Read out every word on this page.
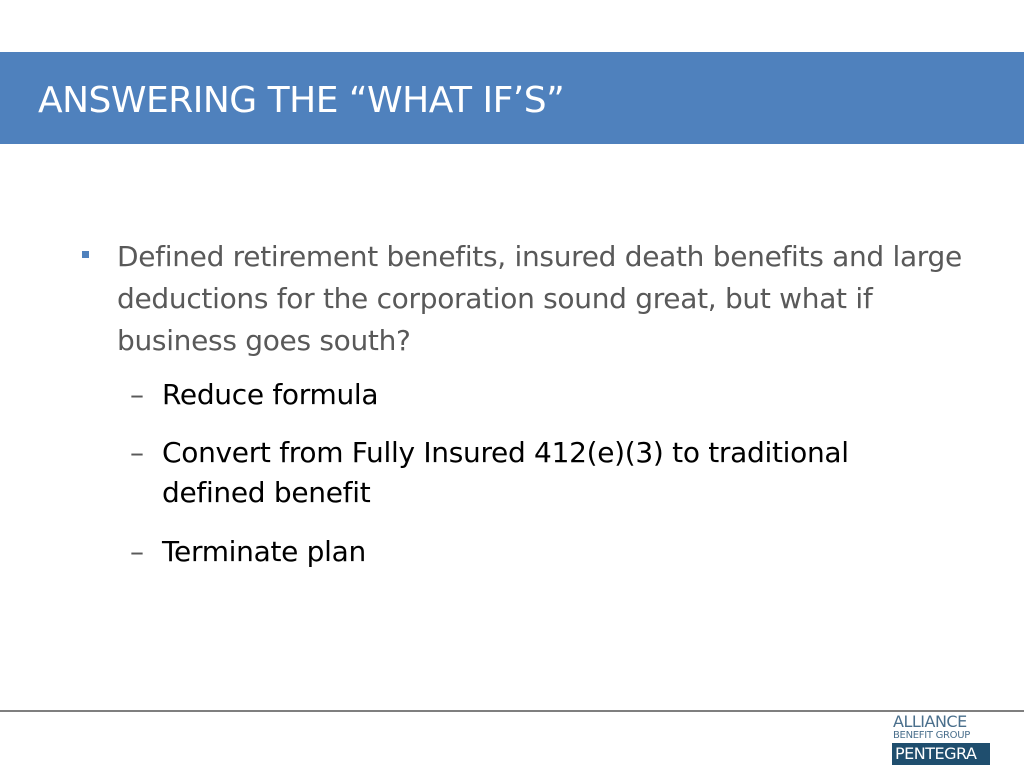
ANSWERING THE “WHAT IF’S”
Defined retirement benefits, insured death benefits and large deductions for the corporation sound great, but what if business goes south?
– Reduce formula
– Convert from Fully Insured 412(e)(3) to traditional defined benefit
– Terminate plan
ALLIANCE
BENEFIT GROUP
PENTEGRA
